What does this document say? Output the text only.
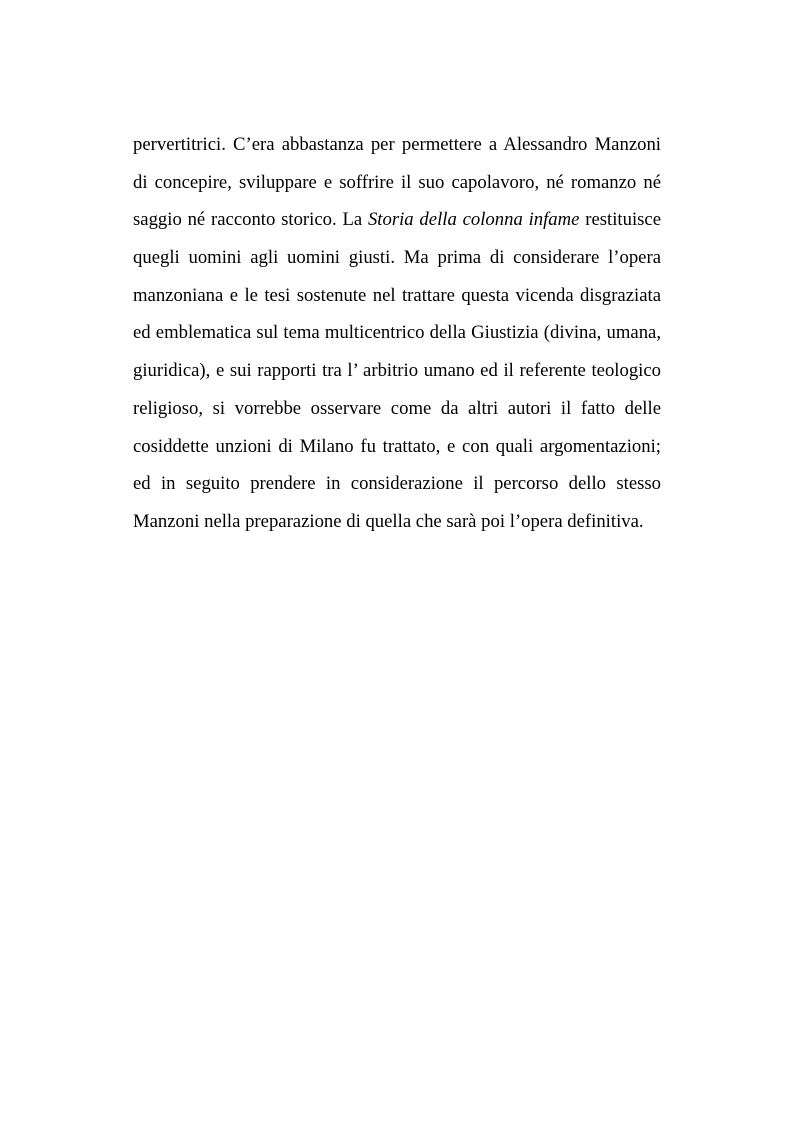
pervertitrici. C’era abbastanza per permettere a Alessandro Manzoni
di concepire, sviluppare e soffrire il suo capolavoro, né romanzo né
saggio né racconto storico. La Storia della colonna infame restituisce
quegli uomini agli uomini giusti. Ma prima di considerare l’opera
manzoniana e le tesi sostenute nel trattare questa vicenda disgraziata
ed emblematica sul tema multicentrico della Giustizia (divina, umana,
giuridica), e sui rapporti tra l’ arbitrio umano ed il referente teologico
religioso, si vorrebbe osservare come da altri autori il fatto delle
cosiddette unzioni di Milano fu trattato, e con quali argomentazioni;
ed in seguito prendere in considerazione il percorso dello stesso
Manzoni nella preparazione di quella che sarà poi l’opera definitiva.
